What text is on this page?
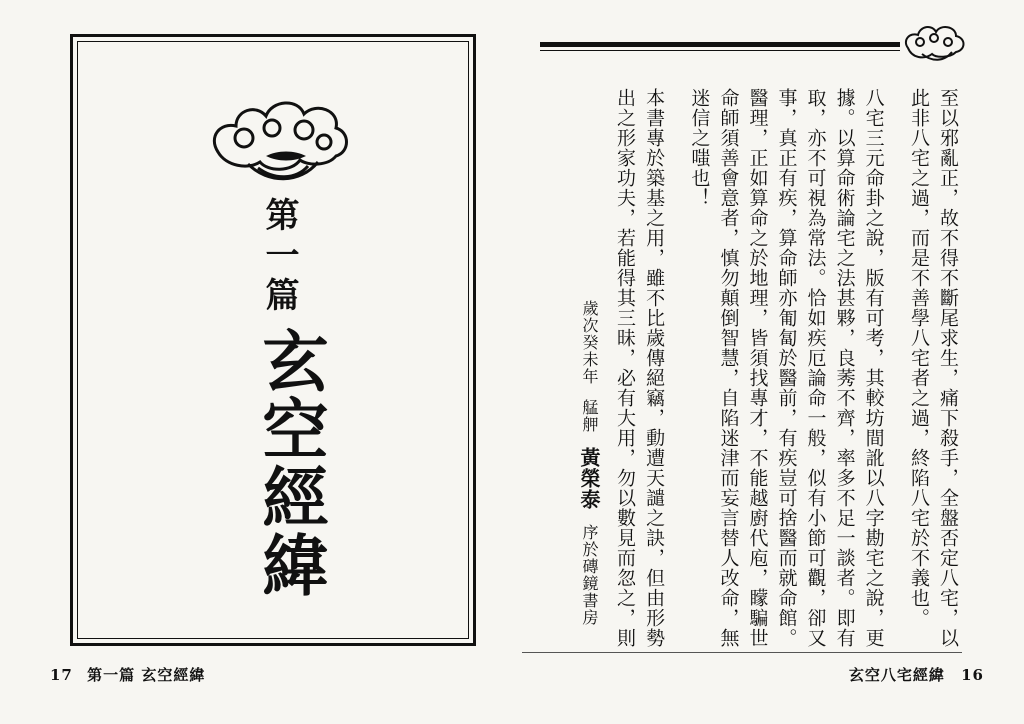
第一篇
玄空經緯
17 第一篇 玄空經緯
至以邪亂正，故不得不斷尾求生，痛下殺手，全盤否定八宅，以
此非八宅之過，而是不善學八宅者之過，終陷八宅於不義也。
八宅三元命卦之說，版有可考，其較坊間訛以八字勘宅之說，更
據。以算命術論宅之法甚夥，良莠不齊，率多不足一談者。即有
取，亦不可視為常法。恰如疾厄論命一般，似有小節可觀，卻又
事，真正有疾，算命師亦匍匐於醫前，有疾豈可捨醫而就命館。
醫理，正如算命之於地理，皆須找專才，不能越廚代庖，矇騙世
命師須善會意者，慎勿顛倒智慧，自陷迷津而妄言替人改命，無
迷信之嗤也！
本書專於築基之用，雖不比歲傳絕竊，動遭天譴之訣，但由形勢
出之形家功夫，若能得其三昧，必有大用，勿以數見而忽之，則
歲次癸未年艋舺黃榮泰序於磚鏡書房
玄空八宅經緯 16
